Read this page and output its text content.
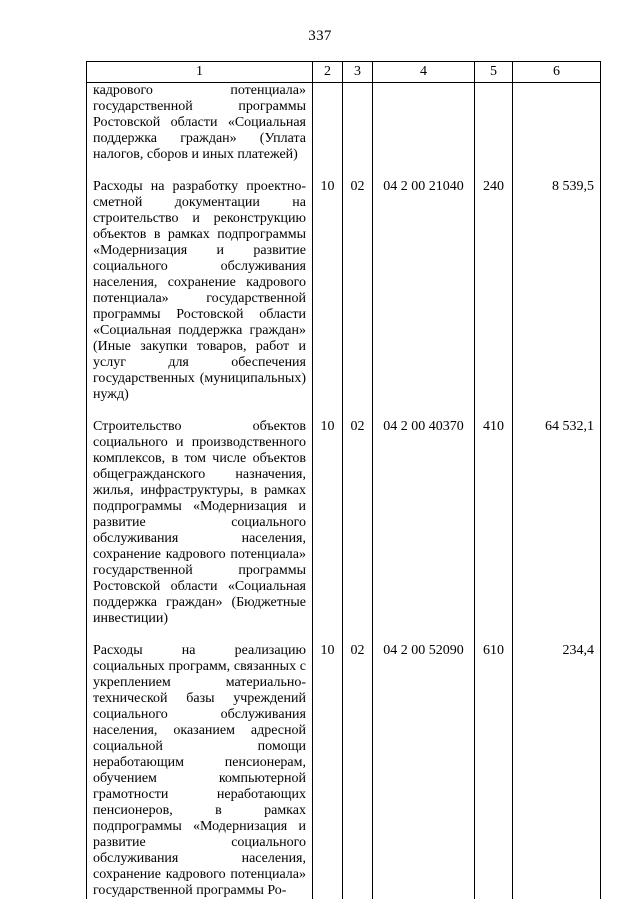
337
1	2	3	4	5	6
кадрового потенциала» государственной программы Ростовской области «Социальная поддержка граждан» (Уплата налогов, сборов и иных платежей)					
Расходы на разработку проектно-сметной документации на строительство и реконструкцию объектов в рамках подпрограммы «Модернизация и развитие социального обслуживания населения, сохранение кадрового потенциала» государственной программы Ростовской области «Социальная поддержка граждан» (Иные закупки товаров, работ и услуг для обеспечения государственных (муниципальных) нужд)	10	02	04 2 00 21040	240	8 539,5
Строительство объектов социального и производственного комплексов, в том числе объектов общегражданского назначения, жилья, инфраструктуры, в рамках подпрограммы «Модернизация и развитие социального обслуживания населения, сохранение кадрового потенциала» государственной программы Ростовской области «Социальная поддержка граждан» (Бюджетные инвестиции)	10	02	04 2 00 40370	410	64 532,1
Расходы на реализацию социальных программ, связанных с укреплением материально-технической базы учреждений социального обслуживания населения, оказанием адресной социальной помощи неработающим пенсионерам, обучением компьютерной грамотности неработающих пенсионеров, в рамках подпрограммы «Модернизация и развитие социального обслуживания населения, сохранение кадрового потенциала» государственной программы Ро-	10	02	04 2 00 52090	610	234,4
